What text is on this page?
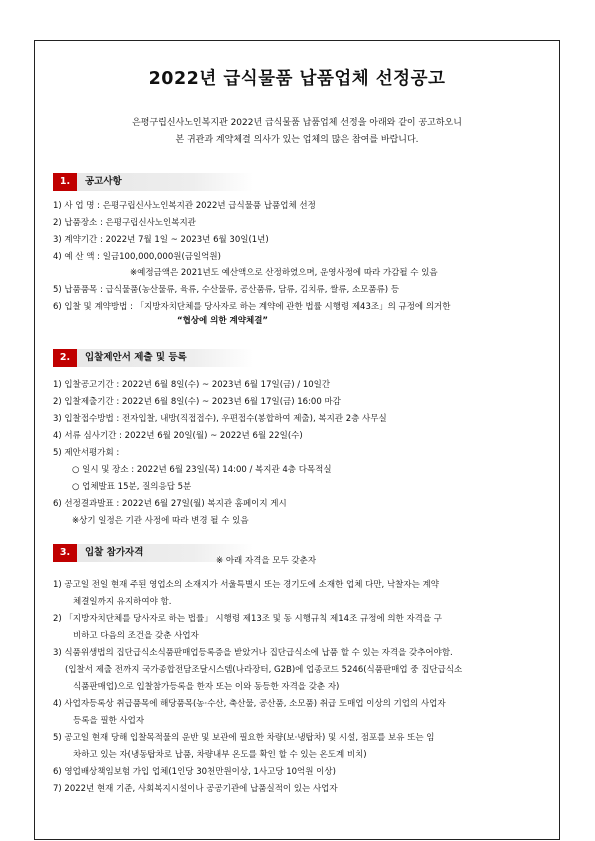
2022년 급식물품 납품업체 선정공고
은평구립신사노인복지관 2022년 급식물품 납품업체 선정을 아래와 같이 공고하오니
본 귀관과 계약체결 의사가 있는 업체의 많은 참여를 바랍니다.
1.	공고사항
1) 사 업 명 : 은평구립신사노인복지관 2022년 급식물품 납품업체 선정
2) 납품장소 : 은평구립신사노인복지관
3) 계약기간 : 2022년 7월 1일 ~ 2023년 6월 30일(1년)
4) 예 산 액 : 일금100,000,000원(금일억원)
※예정금액은 2021년도 예산액으로 산정하였으며, 운영사정에 따라 가감될 수 있음
5) 납품품목 : 급식물품(농산물류, 육류, 수산물류, 공산품류, 담류, 김치류, 쌀류, 소모품류) 등
6) 입찰 및 계약방법 : 「지방자치단체를 당사자로 하는 계약에 관한 법률 시행령 제43조」의 규정에 의거한
“협상에 의한 계약체결”
2.	입찰제안서 제출 및 등록
1) 입찰공고기간 : 2022년 6월 8일(수) ~ 2023년 6월 17일(금) / 10일간
2) 입찰제출기간 : 2022년 6월 8일(수) ~ 2023년 6월 17일(금) 16:00 마감
3) 입찰접수방법 : 전자입찰, 내방(직접접수), 우편접수(봉합하여 제출), 복지관 2층 사무실
4) 서류 심사기간 : 2022년 6월 20일(월) ~ 2022년 6월 22일(수)
5) 제안서평가회 :
○ 일시 및 장소 : 2022년 6월 23일(목) 14:00 / 복지관 4층 다목적실
○ 업체발표 15분, 질의응답 5분
6) 선정결과발표 : 2022년 6월 27일(월) 복지관 홈페이지 게시
※상기 일정은 기관 사정에 따라 변경 될 수 있음
3.	입찰 참가자격
※ 아래 자격을 모두 갖춘자
1) 공고일 전일 현재 주된 영업소의 소재지가 서울특별시 또는 경기도에 소재한 업체 다만, 낙찰자는 계약
체결일까지 유지하여야 함.
2) 「지방자치단체를 당사자로 하는 법률」 시행령 제13조 및 동 시행규칙 제14조 규정에 의한 자격을 구
비하고 다음의 조건을 갖춘 사업자
3) 식품위생법의 집단급식소식품판매업등록증을 받았거나 집단급식소에 납품 할 수 있는 자격을 갖추어야함.
(입찰서 제출 전까지 국가종합전담조달시스템(나라장터, G2B)에 업종코드 5246(식품판매업 중 집단급식소
식품판매업)으로 입찰참가등록을 한자 또는 이와 동등한 자격을 갖춘 자)
4) 사업자등록상 취급품목에 해당품목(농·수산, 축산물, 공산품, 소모품) 취급 도매업 이상의 기업의 사업자
등록을 필한 사업자
5) 공고일 현재 당해 입찰목적물의 운반 및 보관에 필요한 차량(보·냉탑차) 및 시설, 점포를 보유 또는 임
차하고 있는 자(냉동탑차로 납품, 차량내부 온도를 확인 할 수 있는 온도계 비치)
6) 영업배상책임보험 가입 업체(1인당 30천만원이상, 1사고당 10억원 이상)
7) 2022년 현재 기준, 사회복지시설이나 공공기관에 납품실적이 있는 사업자
